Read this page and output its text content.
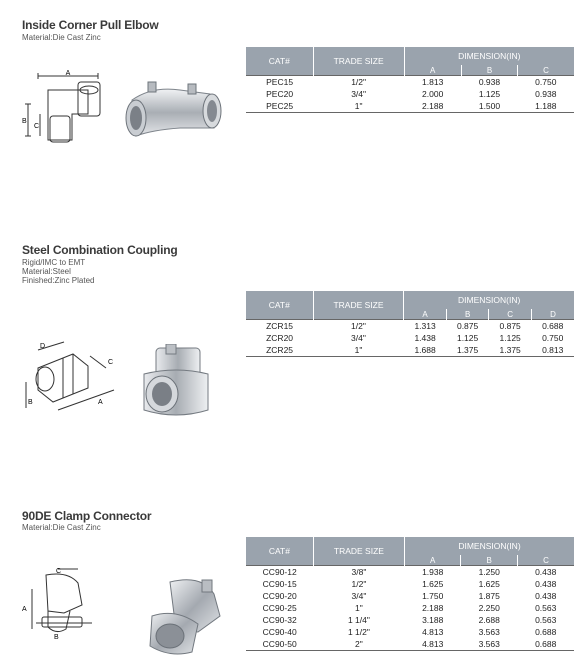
Inside Corner Pull Elbow
Material:Die Cast Zinc
A
B
C
CAT#	TRADE SIZE	DIMENSION(IN)		
		A	B	C
PEC15	1/2"	1.813	0.938	0.750
PEC20	3/4"	2.000	1.125	0.938
PEC25	1"	2.188	1.500	1.188
Steel Combination Coupling
Rigid/IMC to EMT
Material:Steel
Finished:Zinc Plated
D
C
B	A
CAT#	TRADE SIZE	DIMENSION(IN)			
		A	B	C	D
ZCR15	1/2"	1.313	0.875	0.875	0.688
ZCR20	3/4"	1.438	1.125	1.125	0.750
ZCR25	1"	1.688	1.375	1.375	0.813
90DE Clamp Connector
Material:Die Cast Zinc
C
A
B
CAT#	TRADE SIZE	DIMENSION(IN)		
		A	B	C
CC90-12	3/8"	1.938	1.250	0.438
CC90-15	1/2"	1.625	1.625	0.438
CC90-20	3/4"	1.750	1.875	0.438
CC90-25	1"	2.188	2.250	0.563
CC90-32	1 1/4"	3.188	2.688	0.563
CC90-40	1 1/2"	4.813	3.563	0.688
CC90-50	2"	4.813	3.563	0.688
